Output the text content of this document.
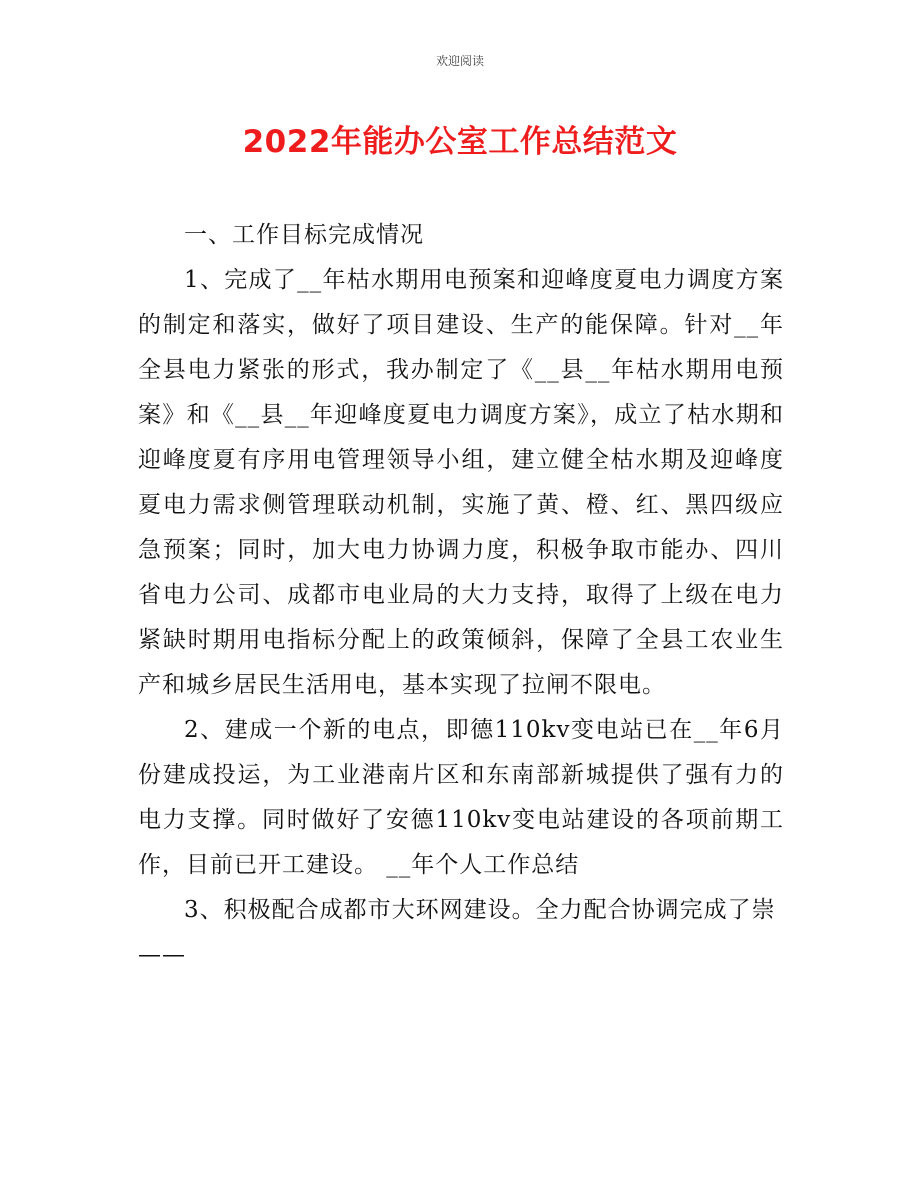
欢迎阅读
2022年能办公室工作总结范文

一、工作目标完成情况

1、完成了__年枯水期用电预案和迎峰度夏电力调度方案的制定和落实，做好了项目建设、生产的能保障。针对__年全县电力紧张的形式，我办制定了《__县__年枯水期用电预案》和《__县__年迎峰度夏电力调度方案》，成立了枯水期和迎峰度夏有序用电管理领导小组，建立健全枯水期及迎峰度夏电力需求侧管理联动机制，实施了黄、橙、红、黑四级应急预案；同时，加大电力协调力度，积极争取市能办、四川省电力公司、成都市电业局的大力支持，取得了上级在电力紧缺时期用电指标分配上的政策倾斜，保障了全县工农业生产和城乡居民生活用电，基本实现了拉闸不限电。

2、建成一个新的电点，即德110kv变电站已在__年6月份建成投运，为工业港南片区和东南部新城提供了强有力的电力支撑。同时做好了安德110kv变电站建设的各项前期工作，目前已开工建设。 __年个人工作总结

3、积极配合成都市大环网建设。全力配合协调完成了崇

——
